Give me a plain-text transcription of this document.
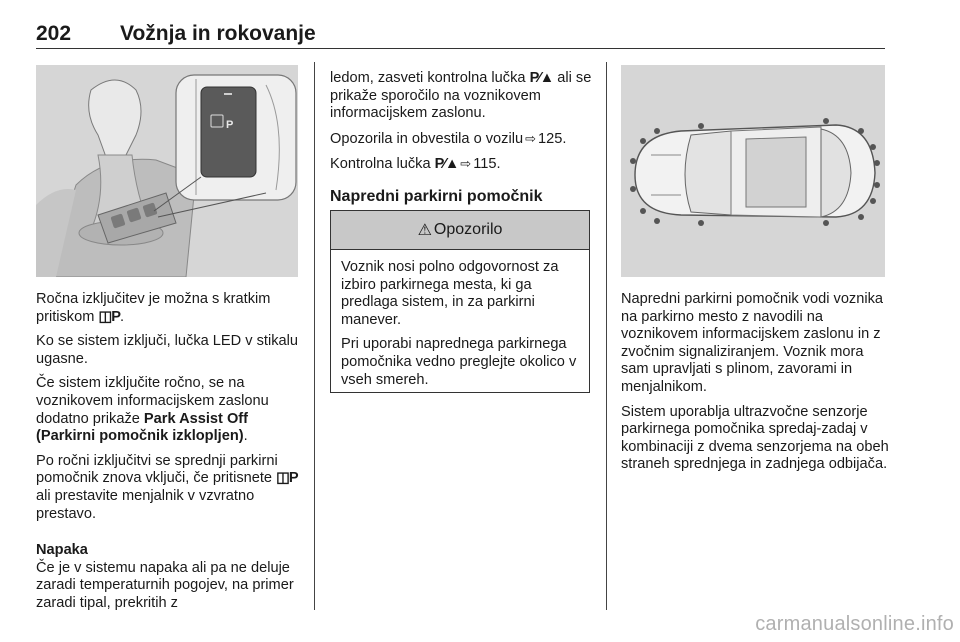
202 Vožnja in rokovanje
P

Ročna izključitev je možna s kratkim pritiskom ◫P.

Ko se sistem izključi, lučka LED v stikalu ugasne.

Če sistem izključite ročno, se na voznikovem informacijskem zaslonu dodatno prikaže Park Assist Off (Parkirni pomočnik izklopljen).

Po ročni izključitvi se sprednji parkirni pomočnik znova vključi, če pritisnete ◫P ali prestavite menjalnik v vzvratno prestavo.

Napaka

Če je v sistemu napaka ali pa ne deluje zaradi temperaturnih pogojev, na primer zaradi tipal, prekritih z

ledom, zasveti kontrolna lučka P⁄▲ ali se prikaže sporočilo na voznikovem informacijskem zaslonu.

Opozorila in obvestila o vozilu ⇨ 125.

Kontrolna lučka P⁄▲ ⇨ 115.

Napredni parkirni pomočnik
⚠ Opozorilo

Voznik nosi polno odgovornost za izbiro parkirnega mesta, ki ga predlaga sistem, in za parkirni manever.

Pri uporabi naprednega parkirnega pomočnika vedno preglejte okolico v vseh smereh.

Napredni parkirni pomočnik vodi voznika na parkirno mesto z navodili na voznikovem informacijskem zaslonu in z zvočnim signaliziranjem. Voznik mora sam upravljati s plinom, zavorami in menjalnikom.

Sistem uporablja ultrazvočne senzorje parkirnega pomočnika spredaj-zadaj v kombinaciji z dvema senzorjema na obeh straneh sprednjega in zadnjega odbijača.

carmanualsonline.info
